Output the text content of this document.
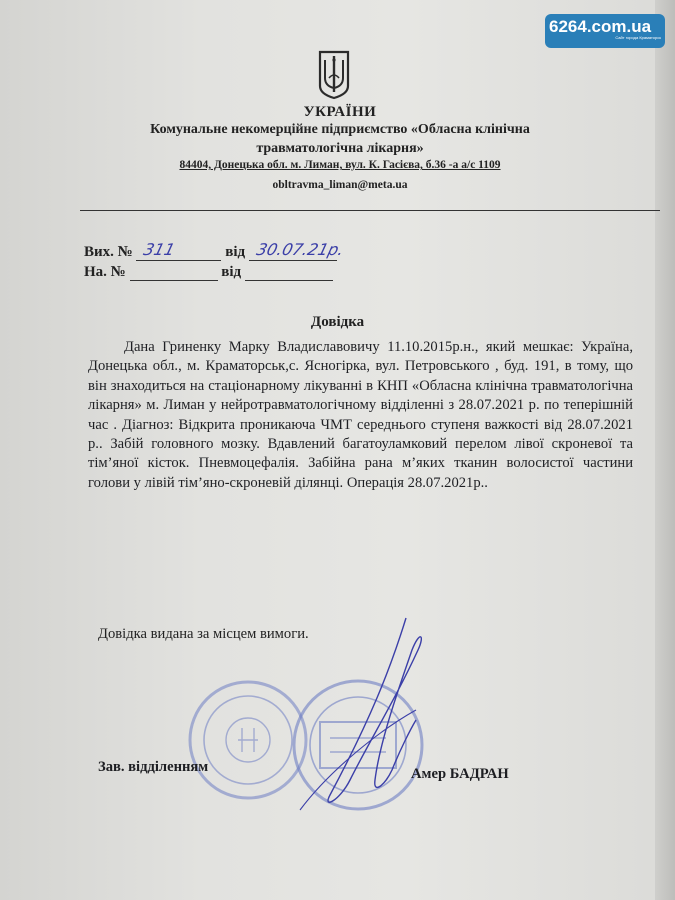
6264.com.ua
Сайт города Краматорск
УКРАЇНИ
Комунальне некомерційне підприємство «Обласна клінічна
травматологічна лікарня»
84404, Донецька обл. м. Лиман, вул. К. Гасієва, б.36 -а а/с 1109
obltravma_liman@meta.ua
Вих. № 311	від 30.07.21р.
На. №	від
Довідка
Дана Гриненку Марку Владиславовичу 11.10.2015р.н., який мешкає: Україна, Донецька обл., м. Краматорськ,с. Ясногірка, вул. Петровського , буд. 191, в тому, що він знаходиться на стаціонарному лікуванні в КНП «Обласна клінічна травматологічна лікарня» м. Лиман у нейротравматологічному відділенні з 28.07.2021 р. по теперішній час . Діагноз: Відкрита проникаюча ЧМТ середнього ступеня важкості від 28.07.2021 р.. Забій головного мозку. Вдавлений багатоуламковий перелом лівої скроневої та тім’яної кісток. Пневмоцефалія. Забійна рана м’яких тканин волосистої частини голови у лівій тім’яно-скроневій ділянці. Операція 28.07.2021р..
Довідка видана за місцем вимоги.
Зав. відділенням	Амер БАДРАН
